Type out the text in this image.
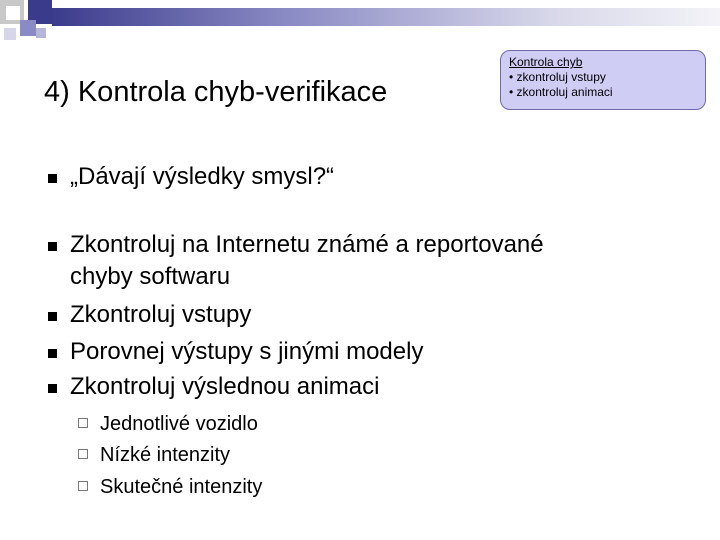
4) Kontrola chyb-verifikace
Kontrola chyb
• zkontroluj vstupy
• zkontroluj animaci
„Dávají výsledky smysl?“
Zkontroluj na Internetu známé a reportované
chyby softwaru
Zkontroluj vstupy
Porovnej výstupy s jinými modely
Zkontroluj výslednou animaci
Jednotlivé vozidlo
Nízké intenzity
Skutečné intenzity
